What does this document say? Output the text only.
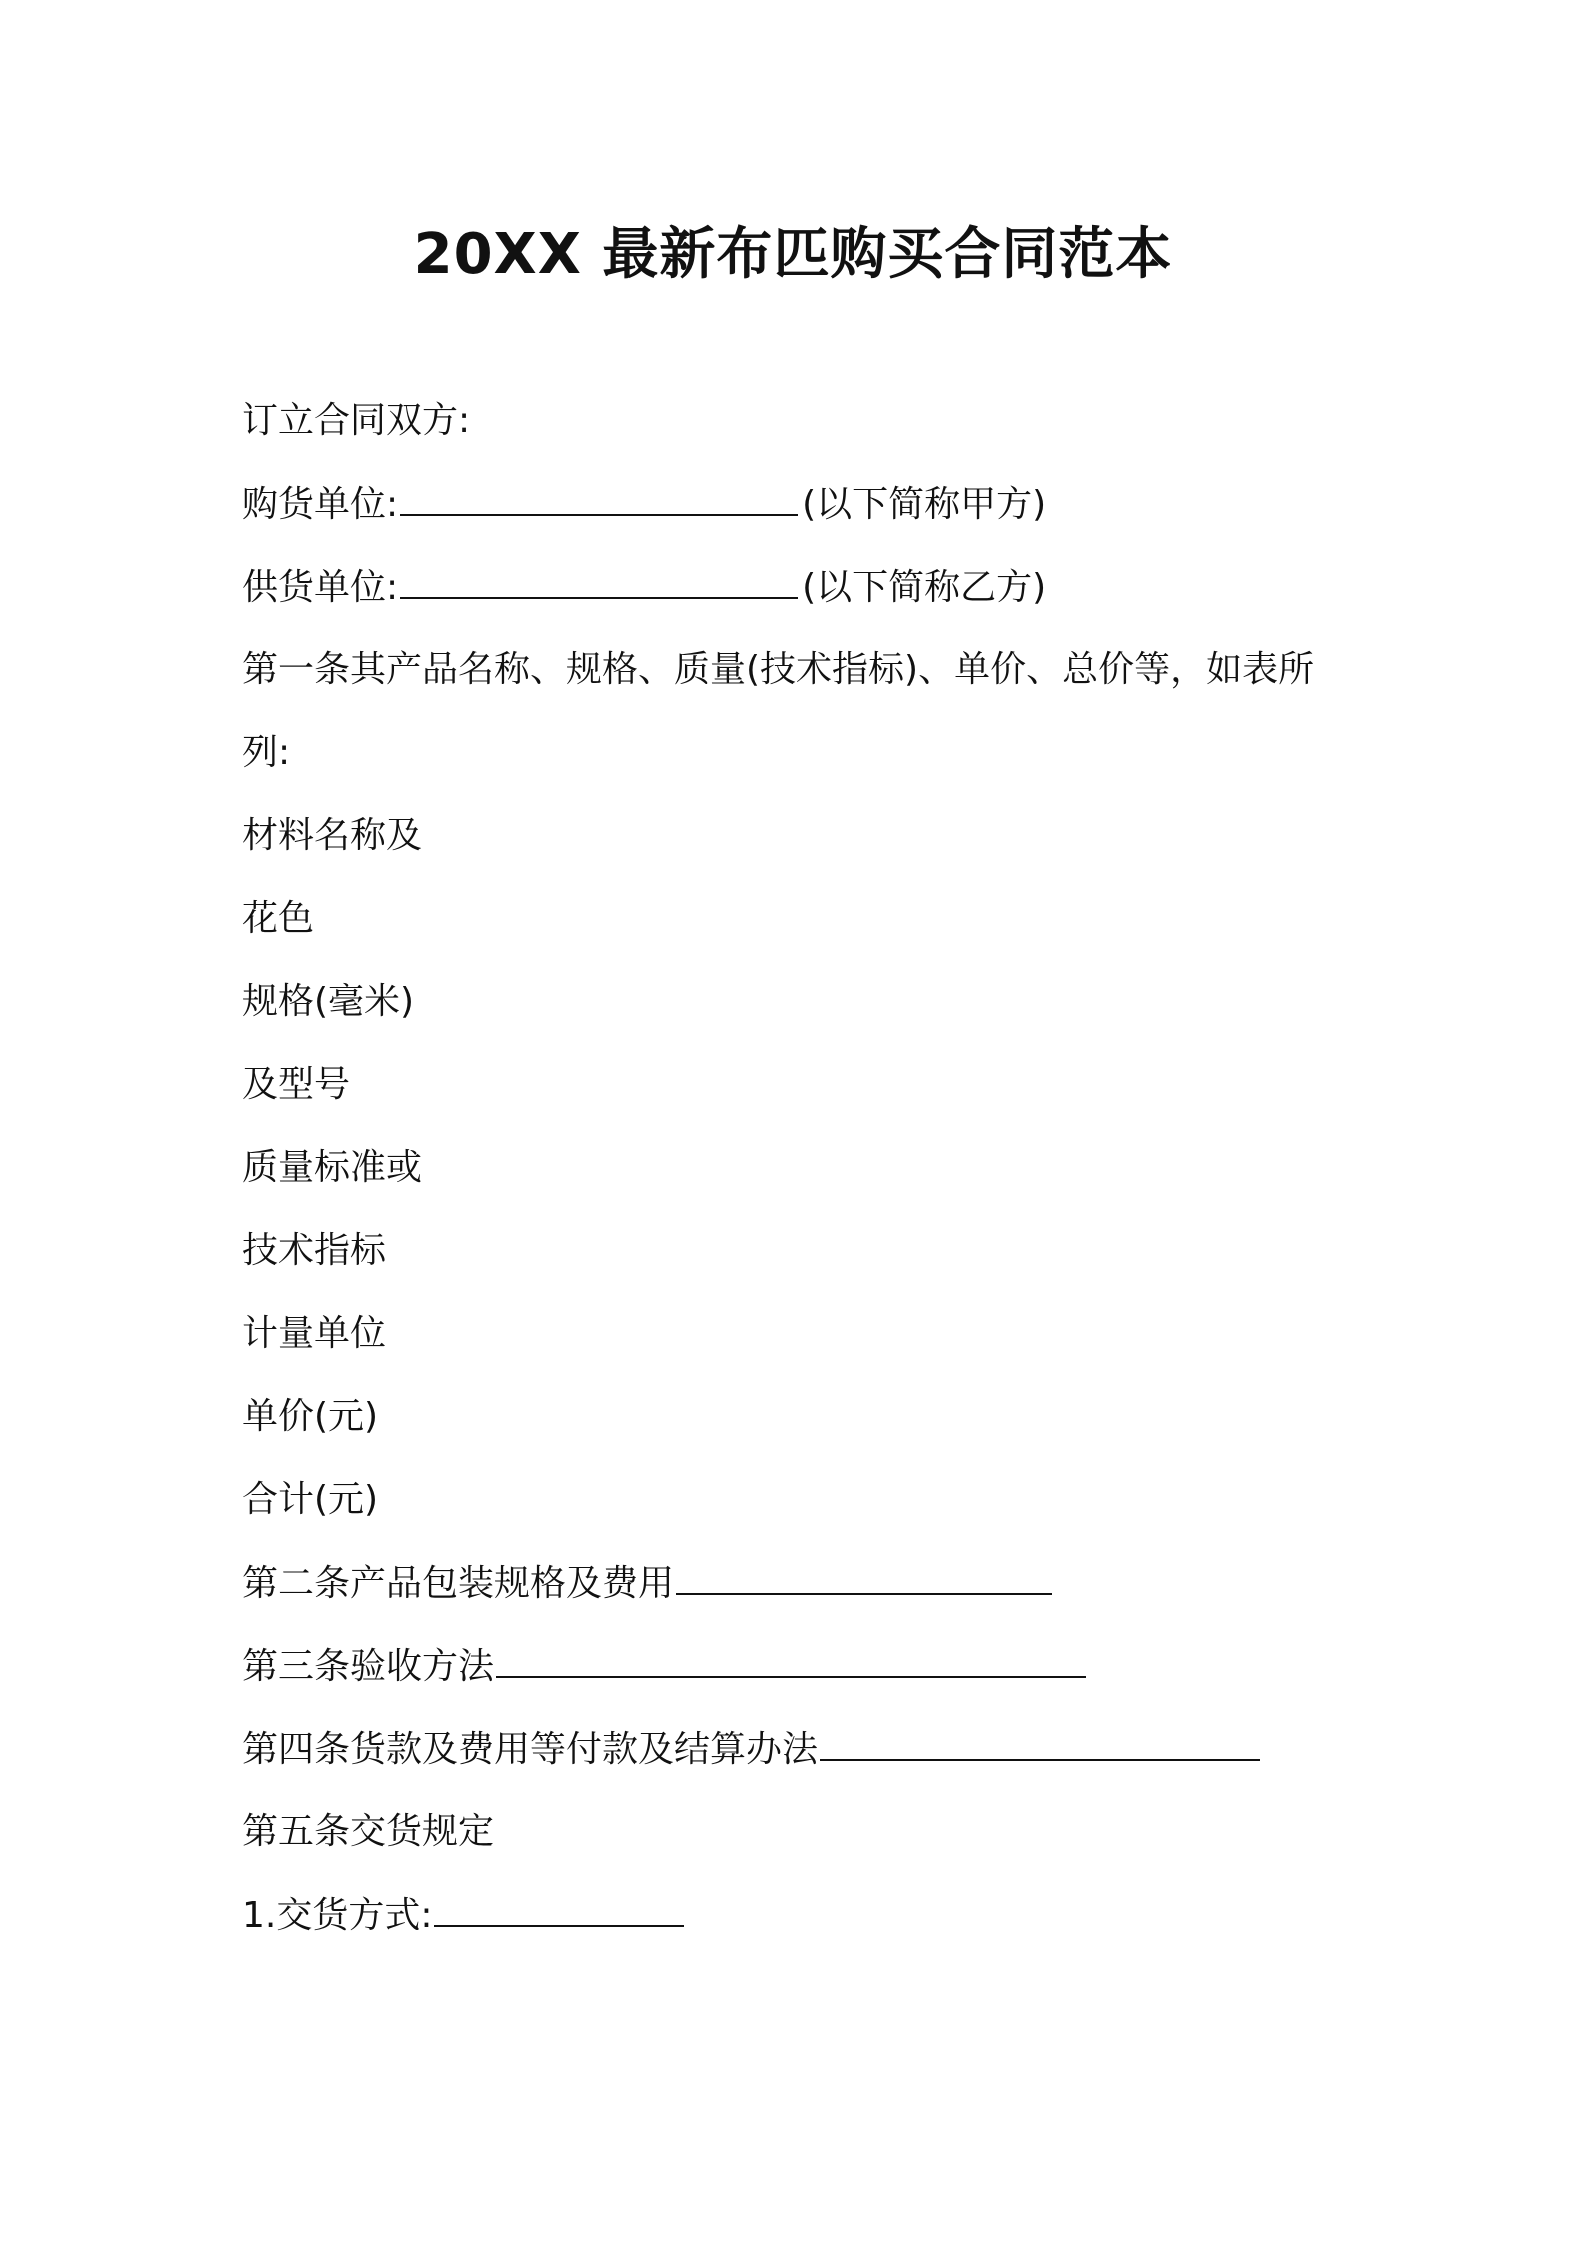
20XX 最新布匹购买合同范本
订立合同双方:
购货单位:	(以下简称甲方)
供货单位:	(以下简称乙方)
第一条其产品名称、规格、质量(技术指标)、单价、总价等，如表所
列:
材料名称及
花色
规格(毫米)
及型号
质量标准或
技术指标
计量单位
单价(元)
合计(元)
第二条产品包装规格及费用
第三条验收方法
第四条货款及费用等付款及结算办法
第五条交货规定
1.交货方式:
